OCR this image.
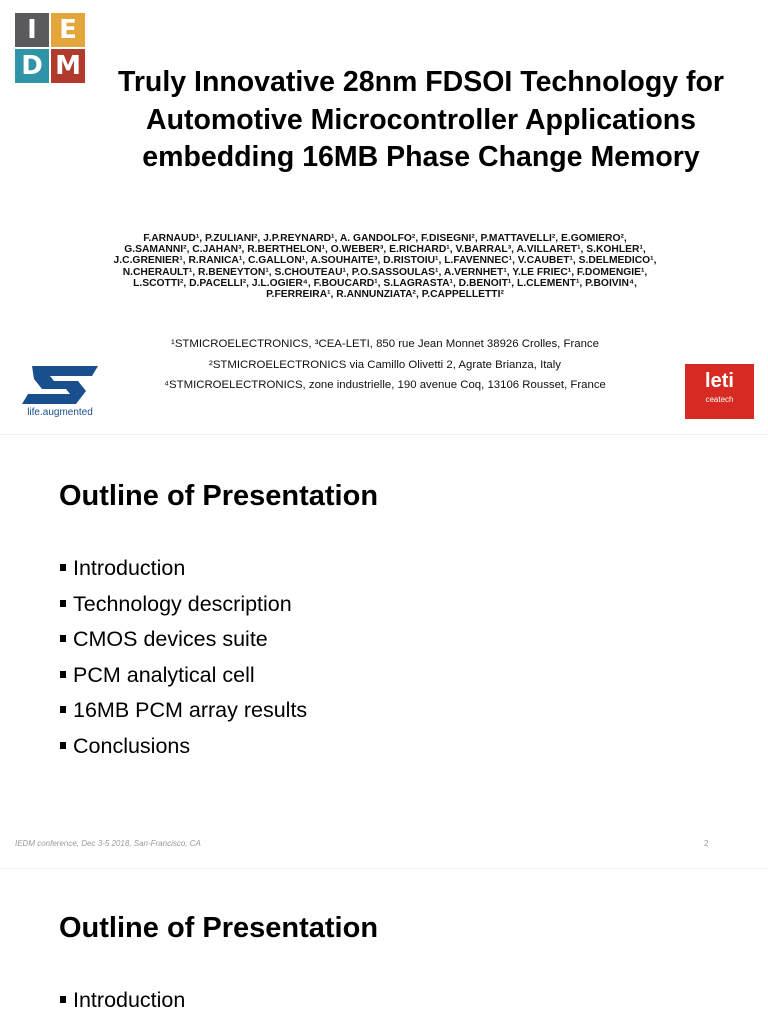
I E
D M Truly Innovative 28nm FDSOI Technology for Automotive Microcontroller Applications embedding 16MB Phase Change Memory
F.ARNAUD¹, P.ZULIANI², J.P.REYNARD¹, A. GANDOLFO², F.DISEGNI², P.MATTAVELLI², E.GOMIERO²,
G.SAMANNI², C.JAHAN³, R.BERTHELON¹, O.WEBER³, E.RICHARD¹, V.BARRAL³, A.VILLARET¹, S.KOHLER¹,
J.C.GRENIER¹, R.RANICA¹, C.GALLON¹, A.SOUHAITE³, D.RISTOIU¹, L.FAVENNEC¹, V.CAUBET¹, S.DELMEDICO¹,
N.CHERAULT¹, R.BENEYTON¹, S.CHOUTEAU¹, P.O.SASSOULAS¹, A.VERNHET¹, Y.LE FRIEC¹, F.DOMENGIE¹,
L.SCOTTI², D.PACELLI², J.L.OGIER⁴, F.BOUCARD¹, S.LAGRASTA¹, D.BENOIT¹, L.CLEMENT¹, P.BOIVIN⁴,
P.FERREIRA¹, R.ANNUNZIATA², P.CAPPELLETTI²
¹STMICROELECTRONICS, ³CEA-LETI, 850 rue Jean Monnet 38926 Crolles, France
²STMICROELECTRONICS via Camillo Olivetti 2, Agrate Brianza, Italy
⁴STMICROELECTRONICS, zone industrielle, 190 avenue Coq, 13106 Rousset, France
life.augmented
leti
ceatech
Outline of Presentation
Introduction
Technology description
CMOS devices suite
PCM analytical cell
16MB PCM array results
Conclusions
IEDM conference, Dec 3-5 2018, San-Francisco, CA	2
Outline of Presentation
Introduction
